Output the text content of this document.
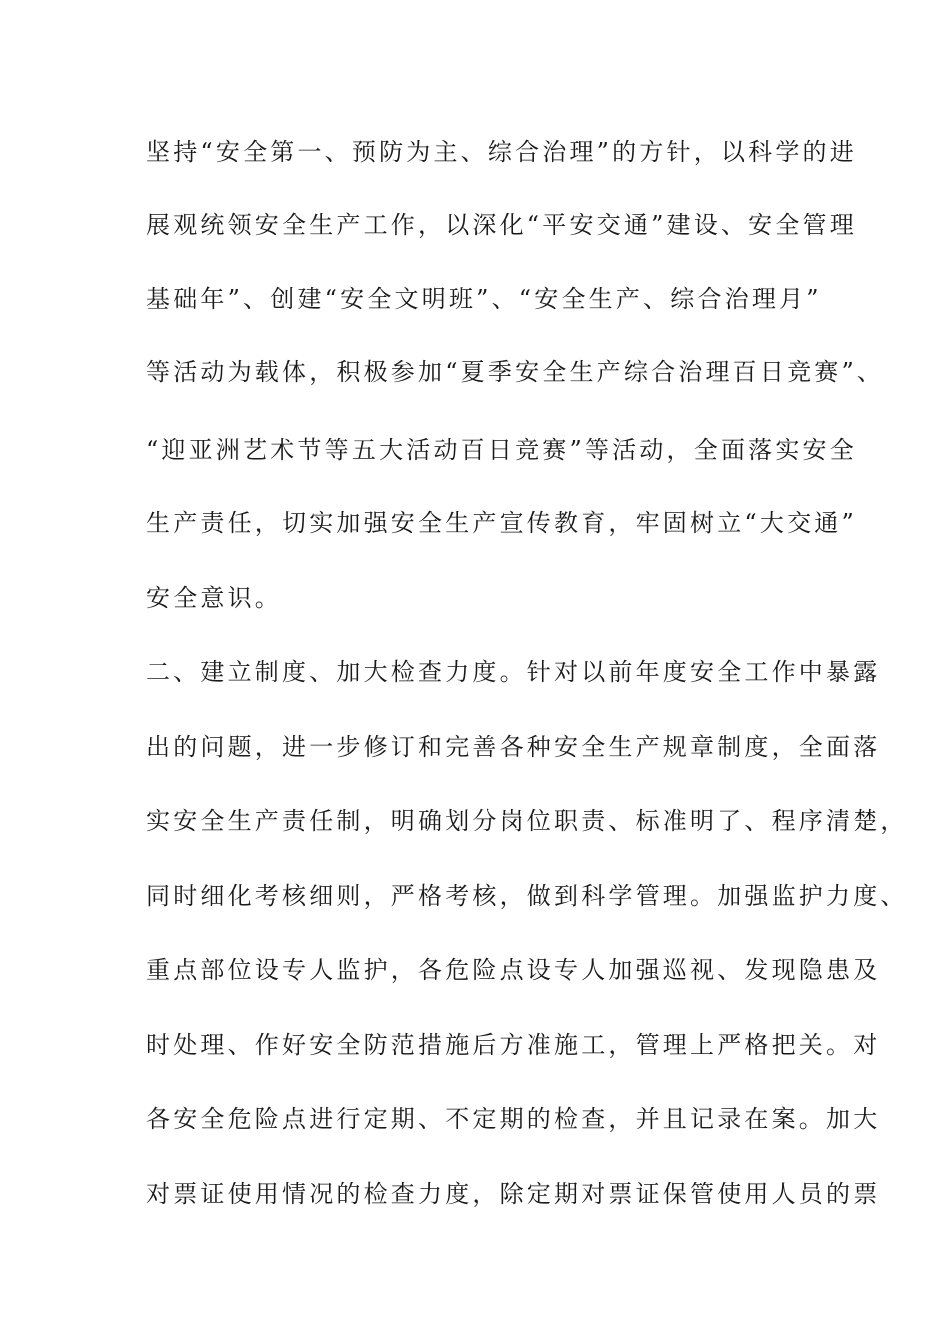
坚持“安全第一、预防为主、综合治理”的方针，以科学的进
展观统领安全生产工作，以深化“平安交通”建设、安全管理
基础年”、创建“安全文明班”、“安全生产、综合治理月”
等活动为载体，积极参加“夏季安全生产综合治理百日竞赛”、
“迎亚洲艺术节等五大活动百日竞赛”等活动，全面落实安全
生产责任，切实加强安全生产宣传教育，牢固树立“大交通”
安全意识。
二、建立制度、加大检查力度。针对以前年度安全工作中暴露
出的问题，进一步修订和完善各种安全生产规章制度，全面落
实安全生产责任制，明确划分岗位职责、标准明了、程序清楚，
同时细化考核细则，严格考核，做到科学管理。加强监护力度、
重点部位设专人监护，各危险点设专人加强巡视、发现隐患及
时处理、作好安全防范措施后方准施工，管理上严格把关。对
各安全危险点进行定期、不定期的检查，并且记录在案。加大
对票证使用情况的检查力度，除定期对票证保管使用人员的票
